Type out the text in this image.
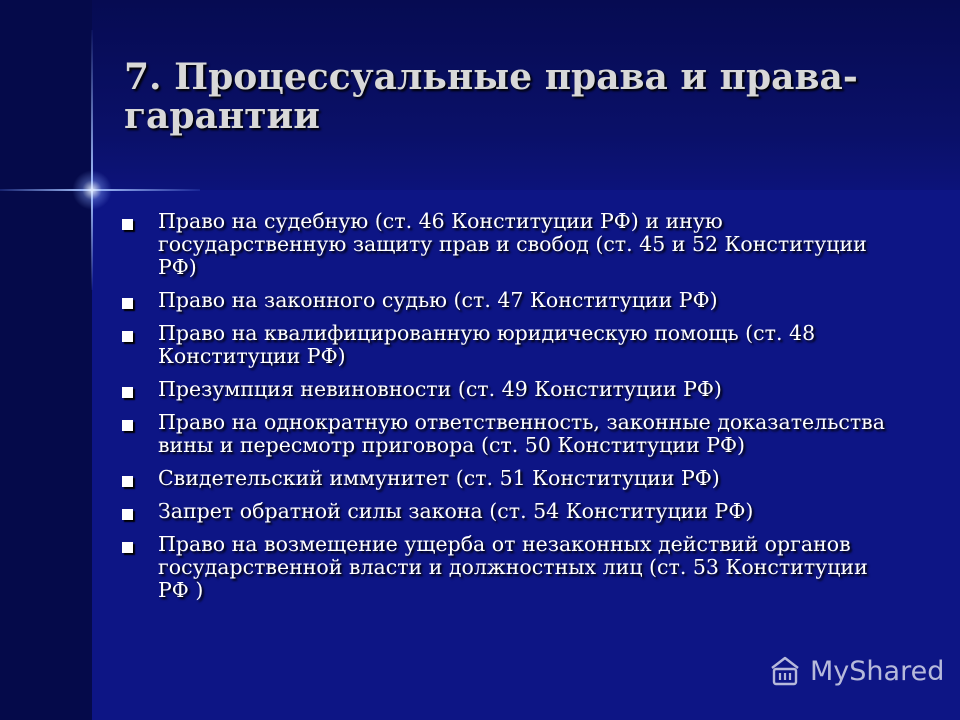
7. Процессуальные права и права-гарантии
Право на судебную (ст. 46 Конституции РФ) и иную государственную защиту прав и свобод (ст. 45 и 52 Конституции РФ)
Право на законного судью (ст. 47 Конституции РФ)
Право на квалифицированную юридическую помощь (ст. 48 Конституции РФ)
Презумпция невиновности (ст. 49 Конституции РФ)
Право на однократную ответственность, законные доказательства вины и пересмотр приговора (ст. 50 Конституции РФ)
Свидетельский иммунитет (ст. 51 Конституции РФ)
Запрет обратной силы закона (ст. 54 Конституции РФ)
Право на возмещение ущерба от незаконных действий органов государственной власти и должностных лиц (ст. 53 Конституции РФ )
MyShared
